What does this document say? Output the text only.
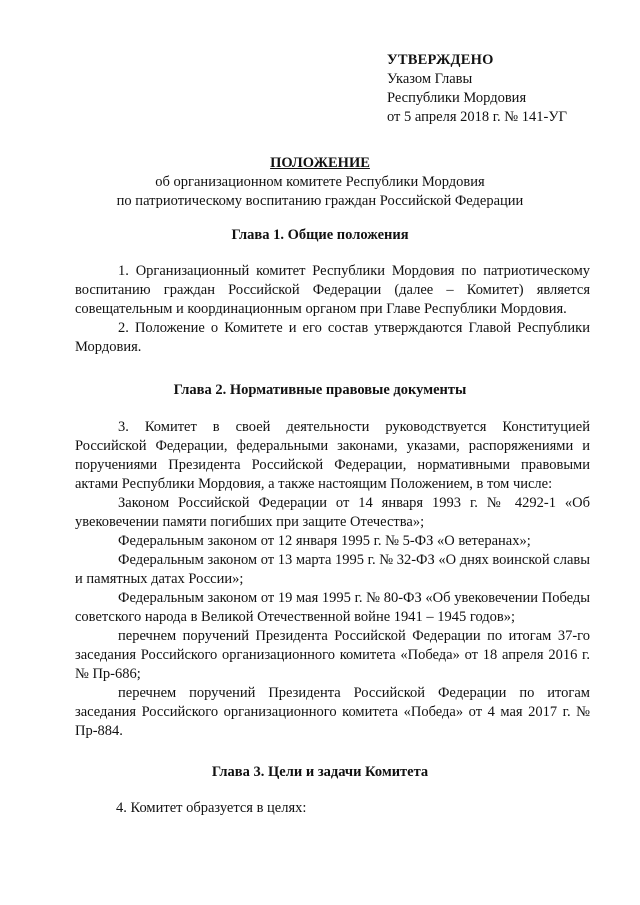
УТВЕРЖДЕНО
Указом Главы
Республики Мордовия
от 5 апреля 2018 г. № 141-УГ
ПОЛОЖЕНИЕ
об организационном комитете Республики Мордовия
по патриотическому воспитанию граждан Российской Федерации
Глава 1. Общие положения

1. Организационный комитет Республики Мордовия по патриотическому воспитанию граждан Российской Федерации (далее – Комитет) является совещательным и координационным органом при Главе Республики Мордовия.

2. Положение о Комитете и его состав утверждаются Главой Республики Мордовия.

Глава 2. Нормативные правовые документы

3. Комитет в своей деятельности руководствуется Конституцией Российской Федерации, федеральными законами, указами, распоряжениями и поручениями Президента Российской Федерации, нормативными правовыми актами Республики Мордовия, а также настоящим Положением, в том числе:

Законом Российской Федерации от 14 января 1993 г. № 4292-1 «Об увековечении памяти погибших при защите Отечества»;

Федеральным законом от 12 января 1995 г. № 5-ФЗ «О ветеранах»;

Федеральным законом от 13 марта 1995 г. № 32-ФЗ «О днях воинской славы и памятных датах России»;

Федеральным законом от 19 мая 1995 г. № 80-ФЗ «Об увековечении Победы советского народа в Великой Отечественной войне 1941 – 1945 годов»;

перечнем поручений Президента Российской Федерации по итогам 37-го заседания Российского организационного комитета «Победа» от 18 апреля 2016 г. № Пр-686;

перечнем поручений Президента Российской Федерации по итогам заседания Российского организационного комитета «Победа» от 4 мая 2017 г. № Пр-884.

Глава 3. Цели и задачи Комитета

4. Комитет образуется в целях:
